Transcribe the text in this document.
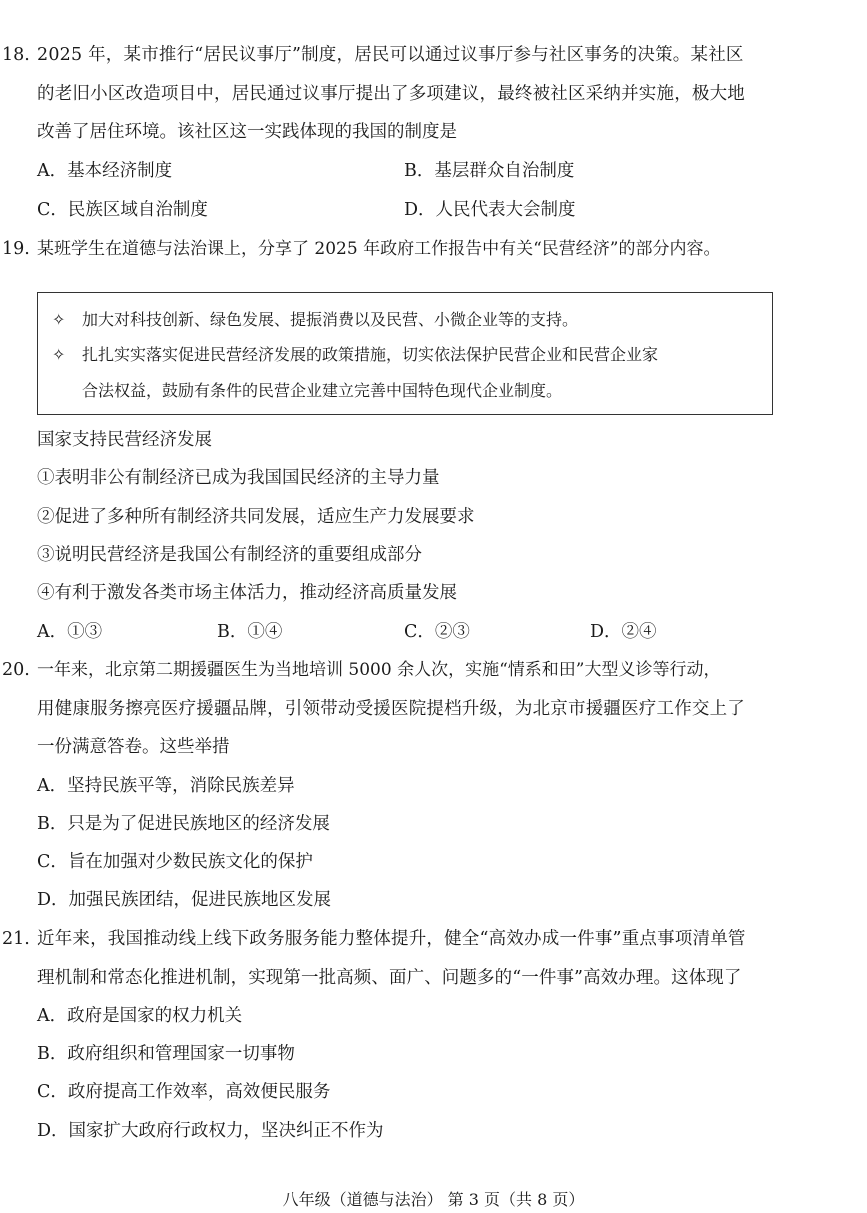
18. 2025 年，某市推行“居民议事厅”制度，居民可以通过议事厅参与社区事务的决策。某社区
的老旧小区改造项目中，居民通过议事厅提出了多项建议，最终被社区采纳并实施，极大地
改善了居住环境。该社区这一实践体现的我国的制度是
A．基本经济制度	B．基层群众自治制度
C．民族区域自治制度	D．人民代表大会制度
19. 某班学生在道德与法治课上，分享了 2025 年政府工作报告中有关“民营经济”的部分内容。
✧ 加大对科技创新、绿色发展、提振消费以及民营、小微企业等的支持。
✧ 扎扎实实落实促进民营经济发展的政策措施，切实依法保护民营企业和民营企业家
合法权益，鼓励有条件的民营企业建立完善中国特色现代企业制度。
国家支持民营经济发展
①表明非公有制经济已成为我国国民经济的主导力量
②促进了多种所有制经济共同发展，适应生产力发展要求
③说明民营经济是我国公有制经济的重要组成部分
④有利于激发各类市场主体活力，推动经济高质量发展
A．①③	B．①④	C．②③	D．②④
20. 一年来，北京第二期援疆医生为当地培训 5000 余人次，实施“情系和田”大型义诊等行动，
用健康服务擦亮医疗援疆品牌，引领带动受援医院提档升级，为北京市援疆医疗工作交上了
一份满意答卷。这些举措
A．坚持民族平等，消除民族差异
B．只是为了促进民族地区的经济发展
C．旨在加强对少数民族文化的保护
D．加强民族团结，促进民族地区发展
21. 近年来，我国推动线上线下政务服务能力整体提升，健全“高效办成一件事”重点事项清单管
理机制和常态化推进机制，实现第一批高频、面广、问题多的“一件事”高效办理。这体现了
A．政府是国家的权力机关
B．政府组织和管理国家一切事物
C．政府提高工作效率，高效便民服务
D．国家扩大政府行政权力，坚决纠正不作为
八年级（道德与法治） 第 3 页（共 8 页）
